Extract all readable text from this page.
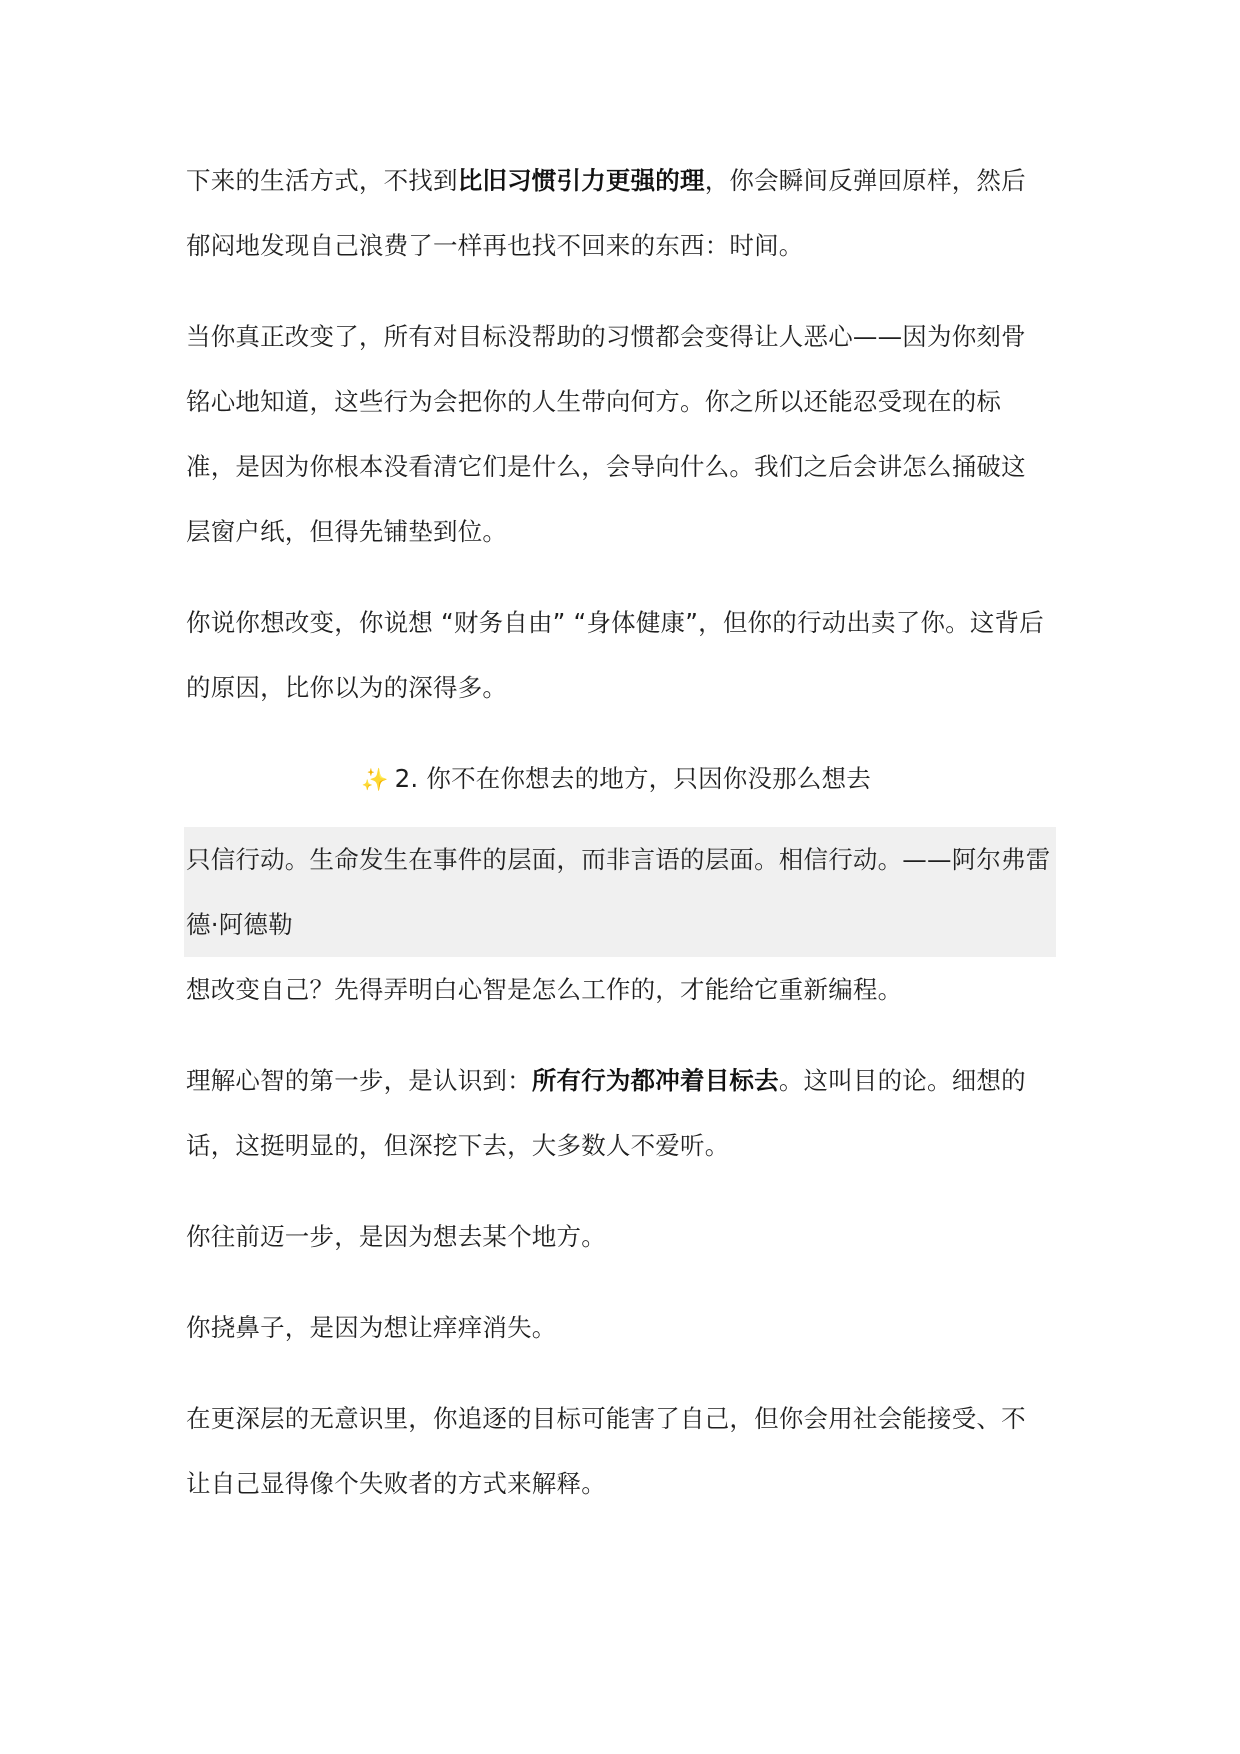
下来的生活方式，不找到比旧习惯引力更强的理，你会瞬间反弹回原样，然后郁闷地发现自己浪费了一样再也找不回来的东西：时间。

当你真正改变了，所有对目标没帮助的习惯都会变得让人恶心——因为你刻骨铭心地知道，这些行为会把你的人生带向何方。你之所以还能忍受现在的标准，是因为你根本没看清它们是什么，会导向什么。我们之后会讲怎么捅破这层窗户纸，但得先铺垫到位。

你说你想改变，你说想 “财务自由” “身体健康”，但你的行动出卖了你。这背后的原因，比你以为的深得多。

✨ 2. 你不在你想去的地方，只因你没那么想去
只信行动。生命发生在事件的层面，而非言语的层面。相信行动。——阿尔弗雷德·阿德勒

想改变自己？先得弄明白心智是怎么工作的，才能给它重新编程。

理解心智的第一步，是认识到：所有行为都冲着目标去。这叫目的论。细想的话，这挺明显的，但深挖下去，大多数人不爱听。

你往前迈一步，是因为想去某个地方。

你挠鼻子，是因为想让痒痒消失。

在更深层的无意识里，你追逐的目标可能害了自己，但你会用社会能接受、不让自己显得像个失败者的方式来解释。
